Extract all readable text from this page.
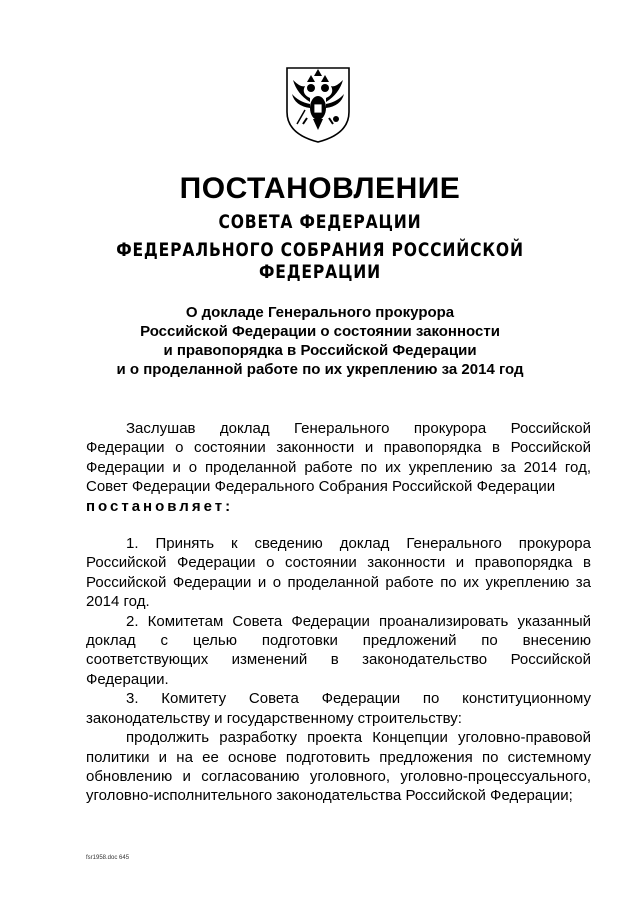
ПОСТАНОВЛЕНИЕ
СОВЕТА ФЕДЕРАЦИИ
ФЕДЕРАЛЬНОГО СОБРАНИЯ РОССИЙСКОЙ ФЕДЕРАЦИИ
О докладе Генерального прокурора
Российской Федерации о состоянии законности
и правопорядка в Российской Федерации
и о проделанной работе по их укреплению за 2014 год

Заслушав доклад Генерального прокурора Российской Федерации о состоянии законности и правопорядка в Российской Федерации и о проделанной работе по их укреплению за 2014 год, Совет Федерации Федерального Собрания Российской Федерации

постановляет:

1. Принять к сведению доклад Генерального прокурора Российской Федерации о состоянии законности и правопорядка в Российской Федерации и о проделанной работе по их укреплению за 2014 год.

2. Комитетам Совета Федерации проанализировать указанный доклад с целью подготовки предложений по внесению соответствующих изменений в законодательство Российской Федерации.

3. Комитету Совета Федерации по конституционному законодательству и государственному строительству:

продолжить разработку проекта Концепции уголовно-правовой политики и на ее основе подготовить предложения по системному обновлению и согласованию уголовного, уголовно-процессуального, уголовно-исполнительного законодательства Российской Федерации;

fsr1958.doc 645
